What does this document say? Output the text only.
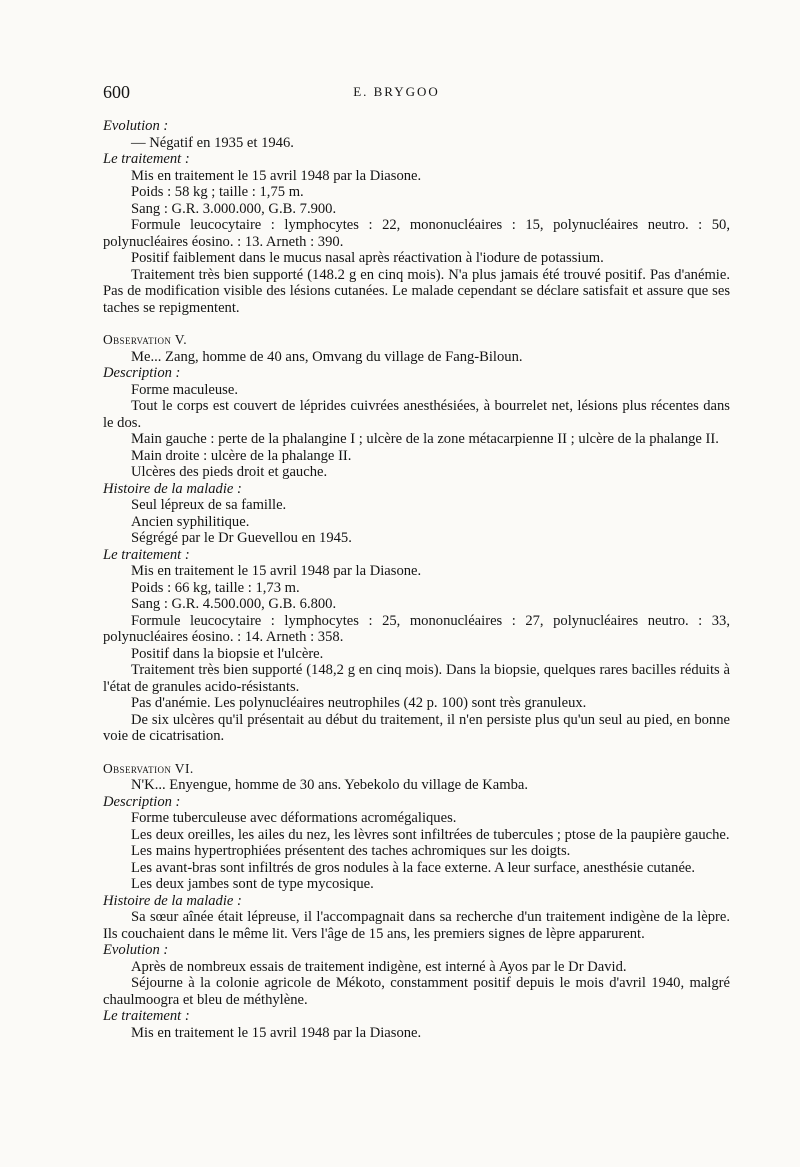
600	E. BRYGOO

Evolution :

— Négatif en 1935 et 1946.

Le traitement :

Mis en traitement le 15 avril 1948 par la Diasone.

Poids : 58 kg ; taille : 1,75 m.

Sang : G.R. 3.000.000, G.B. 7.900.

Formule leucocytaire : lymphocytes : 22, mononucléaires : 15, polynucléaires neutro. : 50, polynucléaires éosino. : 13. Arneth : 390.

Positif faiblement dans le mucus nasal après réactivation à l'iodure de potassium.

Traitement très bien supporté (148.2 g en cinq mois). N'a plus jamais été trouvé positif. Pas d'anémie. Pas de modification visible des lésions cutanées. Le malade cependant se déclare satisfait et assure que ses taches se repigmentent.

Observation V.

Me... Zang, homme de 40 ans, Omvang du village de Fang-Biloun.

Description :

Forme maculeuse.

Tout le corps est couvert de léprides cuivrées anesthésiées, à bourrelet net, lésions plus récentes dans le dos.

Main gauche : perte de la phalangine I ; ulcère de la zone métacarpienne II ; ulcère de la phalange II.

Main droite : ulcère de la phalange II.

Ulcères des pieds droit et gauche.

Histoire de la maladie :

Seul lépreux de sa famille.

Ancien syphilitique.

Ségrégé par le Dr Guevellou en 1945.

Le traitement :

Mis en traitement le 15 avril 1948 par la Diasone.

Poids : 66 kg, taille : 1,73 m.

Sang : G.R. 4.500.000, G.B. 6.800.

Formule leucocytaire : lymphocytes : 25, mononucléaires : 27, polynucléaires neutro. : 33, polynucléaires éosino. : 14. Arneth : 358.

Positif dans la biopsie et l'ulcère.

Traitement très bien supporté (148,2 g en cinq mois). Dans la biopsie, quelques rares bacilles réduits à l'état de granules acido-résistants.

Pas d'anémie. Les polynucléaires neutrophiles (42 p. 100) sont très granuleux.

De six ulcères qu'il présentait au début du traitement, il n'en persiste plus qu'un seul au pied, en bonne voie de cicatrisation.

Observation VI.

N'K... Enyengue, homme de 30 ans. Yebekolo du village de Kamba.

Description :

Forme tuberculeuse avec déformations acromégaliques.

Les deux oreilles, les ailes du nez, les lèvres sont infiltrées de tubercules ; ptose de la paupière gauche.

Les mains hypertrophiées présentent des taches achromiques sur les doigts.

Les avant-bras sont infiltrés de gros nodules à la face externe. A leur surface, anesthésie cutanée.

Les deux jambes sont de type mycosique.

Histoire de la maladie :

Sa sœur aînée était lépreuse, il l'accompagnait dans sa recherche d'un traitement indigène de la lèpre. Ils couchaient dans le même lit. Vers l'âge de 15 ans, les premiers signes de lèpre apparurent.

Evolution :

Après de nombreux essais de traitement indigène, est interné à Ayos par le Dr David.

Séjourne à la colonie agricole de Mékoto, constamment positif depuis le mois d'avril 1940, malgré chaulmoogra et bleu de méthylène.

Le traitement :

Mis en traitement le 15 avril 1948 par la Diasone.
